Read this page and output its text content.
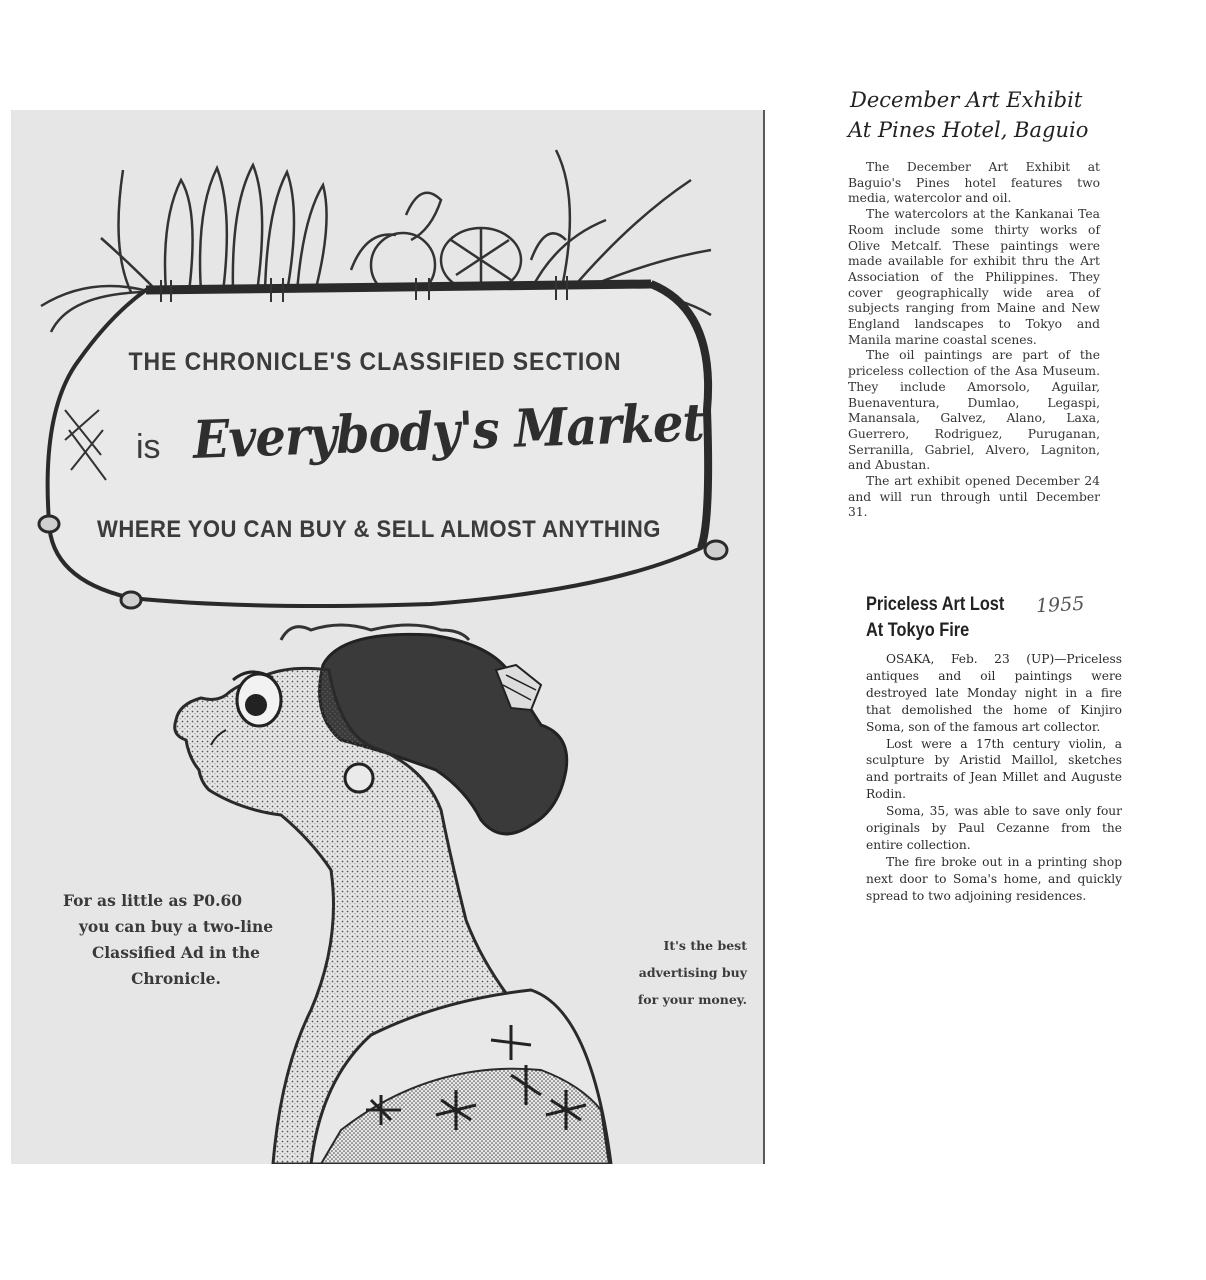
THE CHRONICLE'S CLASSIFIED SECTION
is Everybody's Market
WHERE YOU CAN BUY & SELL ALMOST ANYTHING
For as little as P0.60
you can buy a two-line
Classified Ad in the
Chronicle.
It's the best
advertising buy
for your money.
December Art Exhibit
At Pines Hotel, Baguio

The December Art Exhibit at Baguio's Pines hotel features two media, watercolor and oil.

The watercolors at the Kankanai Tea Room include some thirty works of Olive Metcalf. These paintings were made available for exhibit thru the Art Association of the Philippines. They cover geographically wide area of subjects ranging from Maine and New England landscapes to Tokyo and Manila marine coastal scenes.

The oil paintings are part of the priceless collection of the Asa Museum. They include Amorsolo, Aguilar, Buenaventura, Dumlao, Legaspi, Manansala, Galvez, Alano, Laxa, Guerrero, Rodriguez, Puruganan, Serranilla, Gabriel, Alvero, Lagniton, and Abustan.

The art exhibit opened December 24 and will run through until December 31.

Priceless Art Lost
At Tokyo Fire
1955

OSAKA, Feb. 23 (UP)—Priceless antiques and oil paintings were destroyed late Monday night in a fire that demolished the home of Kinjiro Soma, son of the famous art collector.

Lost were a 17th century violin, a sculpture by Aristid Maillol, sketches and portraits of Jean Millet and Auguste Rodin.

Soma, 35, was able to save only four originals by Paul Cezanne from the entire collection.

The fire broke out in a printing shop next door to Soma's home, and quickly spread to two adjoining residences.
